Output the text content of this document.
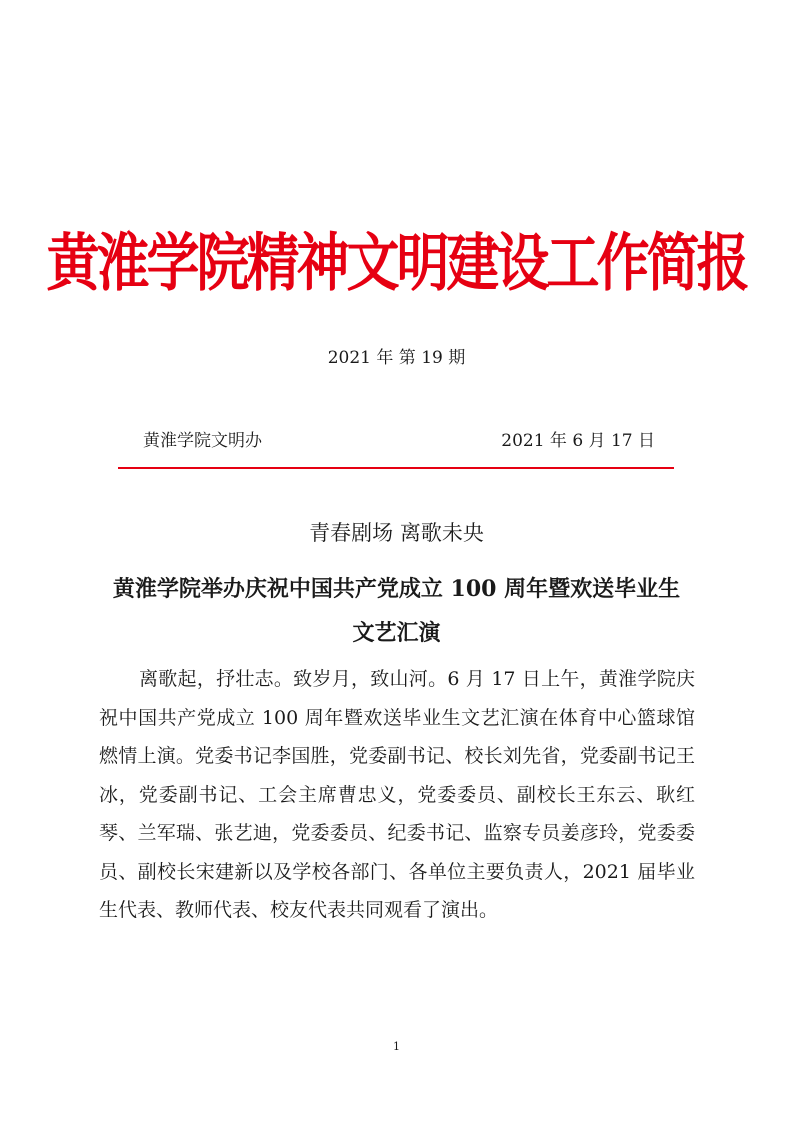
黄淮学院精神文明建设工作简报
2021 年 第 19 期
黄淮学院文明办	2021 年 6 月 17 日
青春剧场 离歌未央
黄淮学院举办庆祝中国共产党成立 100 周年暨欢送毕业生文艺汇演

离歌起，抒壮志。致岁月，致山河。6 月 17 日上午，黄淮学院庆祝中国共产党成立 100 周年暨欢送毕业生文艺汇演在体育中心篮球馆燃情上演。党委书记李国胜，党委副书记、校长刘先省，党委副书记王冰，党委副书记、工会主席曹忠义，党委委员、副校长王东云、耿红琴、兰军瑞、张艺迪，党委委员、纪委书记、监察专员姜彦玲，党委委员、副校长宋建新以及学校各部门、各单位主要负责人，2021 届毕业生代表、教师代表、校友代表共同观看了演出。

1
